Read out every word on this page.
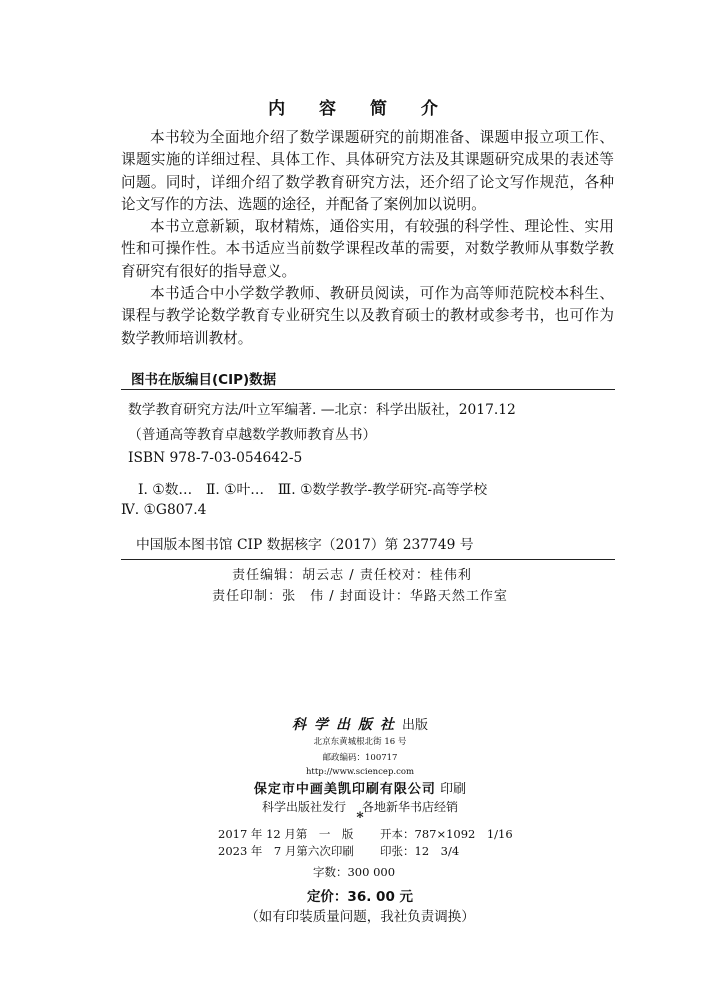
内 容 简 介

本书较为全面地介绍了数学课题研究的前期准备、课题申报立项工作、课题实施的详细过程、具体工作、具体研究方法及其课题研究成果的表述等问题。同时，详细介绍了数学教育研究方法，还介绍了论文写作规范，各种论文写作的方法、选题的途径，并配备了案例加以说明。

本书立意新颖，取材精炼，通俗实用，有较强的科学性、理论性、实用性和可操作性。本书适应当前数学课程改革的需要，对数学教师从事数学教育研究有很好的指导意义。

本书适合中小学数学教师、教研员阅读，可作为高等师范院校本科生、课程与教学论数学教育专业研究生以及教育硕士的教材或参考书，也可作为数学教师培训教材。

图书在版编目(CIP)数据
数学教育研究方法/叶立军编著. —北京：科学出版社，2017.12
（普通高等教育卓越数学教师教育丛书）
ISBN 978-7-03-054642-5
Ⅰ. ①数…　Ⅱ. ①叶…　Ⅲ. ①数学教学-教学研究-高等学校
Ⅳ. ①G807.4
中国版本图书馆 CIP 数据核字（2017）第 237749 号
责任编辑：胡云志 / 责任校对：桂伟利
责任印制：张　伟 / 封面设计：华路天然工作室
科学出版社出版
北京东黄城根北街 16 号
邮政编码：100717
http://www.sciencep.com
保定市中画美凯印刷有限公司 印刷
科学出版社发行 各地新华书店经销
*
2017 年 12 月第　一　版 开本：787×1092　1/16
2023 年　7 月第六次印刷 印张：12　3/4
字数：300 000
定价：36. 00 元
（如有印装质量问题，我社负责调换）
